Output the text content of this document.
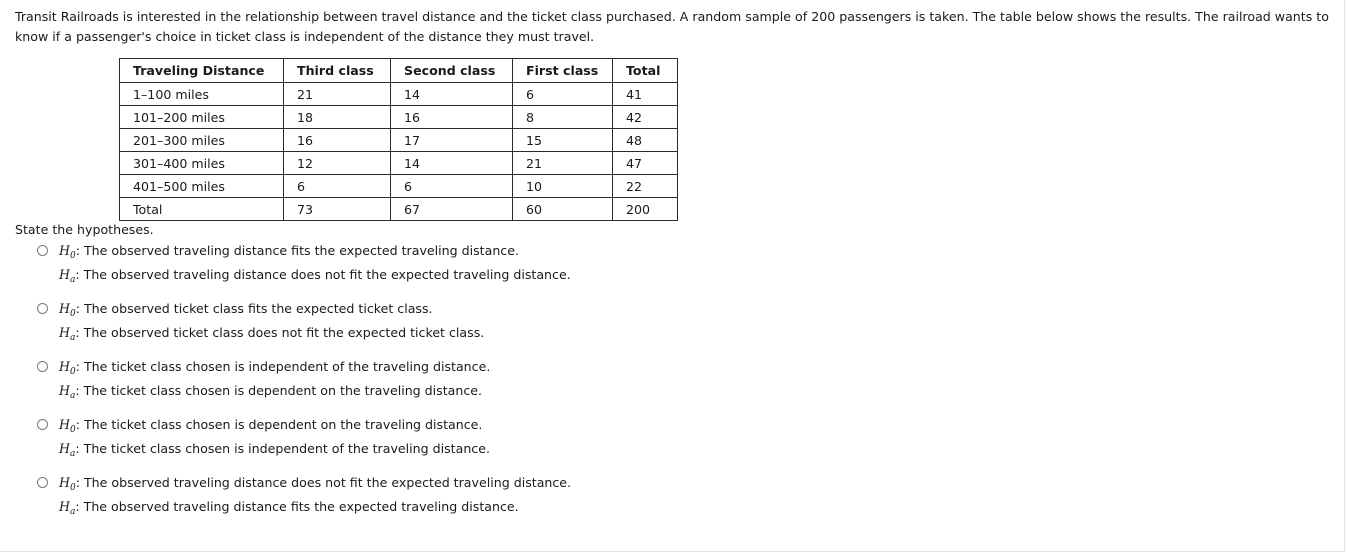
Transit Railroads is interested in the relationship between travel distance and the ticket class purchased. A random sample of 200 passengers is taken. The table below shows the results. The railroad wants to know if a passenger's choice in ticket class is independent of the distance they must travel.

Traveling Distance	Third class	Second class	First class	Total
1–100 miles	21	14	6	41
101–200 miles	18	16	8	42
201–300 miles	16	17	15	48
301–400 miles	12	14	21	47
401–500 miles	6	6	10	22
Total	73	67	60	200

State the hypotheses.

$H_0$: The observed traveling distance fits the expected traveling distance.
$H_a$: The observed traveling distance does not fit the expected traveling distance.
$H_0$: The observed ticket class fits the expected ticket class.
$H_a$: The observed ticket class does not fit the expected ticket class.
$H_0$: The ticket class chosen is independent of the traveling distance.
$H_a$: The ticket class chosen is dependent on the traveling distance.
$H_0$: The ticket class chosen is dependent on the traveling distance.
$H_a$: The ticket class chosen is independent of the traveling distance.
$H_0$: The observed traveling distance does not fit the expected traveling distance.
$H_a$: The observed traveling distance fits the expected traveling distance.
